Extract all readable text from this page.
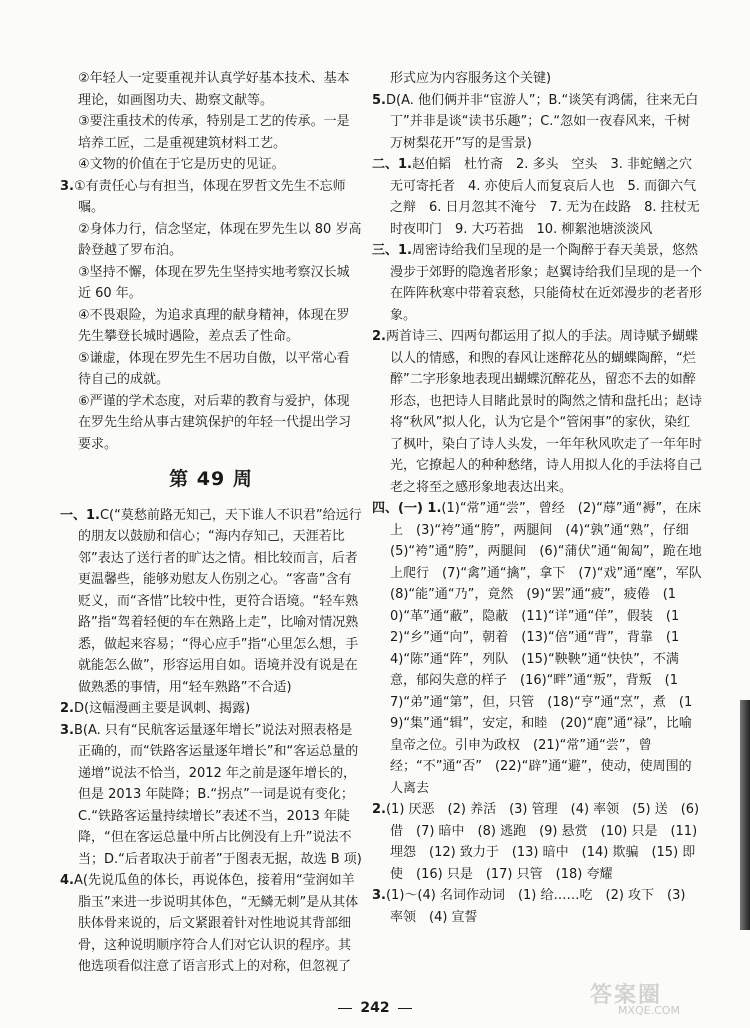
②年轻人一定要重视并认真学好基本技术、基本理论，如画图功夫、勘察文献等。

③要注重技术的传承，特别是工艺的传承。一是培养工匠，二是重视建筑材料工艺。

④文物的价值在于它是历史的见证。

3.①有责任心与有担当，体现在罗哲文先生不忘师嘱。

②身体力行，信念坚定，体现在罗先生以 80 岁高龄登越了罗布泊。

③坚持不懈，体现在罗先生坚持实地考察汉长城近 60 年。

④不畏艰险，为追求真理的献身精神，体现在罗先生攀登长城时遇险，差点丢了性命。

⑤谦虚，体现在罗先生不居功自傲，以平常心看待自己的成就。

⑥严谨的学术态度，对后辈的教育与爱护，体现在罗先生给从事古建筑保护的年轻一代提出学习要求。

第 49 周

一、1.C(“莫愁前路无知己，天下谁人不识君”给远行的朋友以鼓励和信心；“海内存知己，天涯若比邻”表达了送行者的旷达之情。相比较而言，后者更温馨些，能够劝慰友人伤别之心。“客啬”含有贬义，而“吝惜”比较中性，更符合语境。“轻车熟路”指“驾着轻便的车在熟路上走”，比喻对情况熟悉，做起来容易；“得心应手”指“心里怎么想，手就能怎么做”，形容运用自如。语境并没有说是在做熟悉的事情，用“轻车熟路”不合适)

2.D(这幅漫画主要是讽刺、揭露)

3.B(A. 只有“民航客运量逐年增长”说法对照表格是正确的，而“铁路客运量逐年增长”和“客运总量的递增”说法不恰当，2012 年之前是逐年增长的，但是 2013 年陡降；B.“拐点”一词是说有变化；C.“铁路客运量持续增长”表述不当，2013 年陡降，“但在客运总量中所占比例没有上升”说法不当；D.“后者取决于前者”于图表无据，故选 B 项)

4.A(先说瓜鱼的体长，再说体色，接着用“莹润如羊脂玉”来进一步说明其体色，“无鳞无刺”是从其体肤体骨来说的，后文紧跟着针对性地说其背部细骨，这种说明顺序符合人们对它认识的程序。其他选项看似注意了语言形式上的对称，但忽视了

形式应为内容服务这个关键)

5.D(A. 他们俩并非“宦游人”；B.“谈笑有鸿儒，往来无白丁”并非是谈“读书乐趣”；C.“忽如一夜春风来，千树万树梨花开”写的是雪景)

二、1.赵伯韬　杜竹斋　2. 多头　空头　3. 非蛇鳝之穴无可寄托者　4. 亦使后人而复哀后人也　5. 而御六气之辩　6. 日月忽其不淹兮　7. 无为在歧路　8. 拄杖无时夜叩门　9. 大巧若拙　10. 柳絮池塘淡淡风

三、1.周密诗给我们呈现的是一个陶醉于春天美景，悠然漫步于郊野的隐逸者形象；赵翼诗给我们呈现的是一个在阵阵秋寒中带着哀愁，只能倚杖在近郊漫步的老者形象。

2.两首诗三、四两句都运用了拟人的手法。周诗赋予蝴蝶以人的情感，和煦的春风让迷醉花丛的蝴蝶陶醉，“烂醉”二字形象地表现出蝴蝶沉醉花丛，留恋不去的如醉形态，也把诗人目睹此景时的陶然之情和盘托出；赵诗将“秋风”拟人化，认为它是个“管闲事”的家伙，染红了枫叶，染白了诗人头发，一年年秋风吹走了一年年时光，它撩起人的种种愁绪，诗人用拟人化的手法将自己老之将至之感形象地表达出来。

四、(一) 1.(1)“常”通“尝”，曾经　(2)“蓐”通“褥”，在床上　(3)“袴”通“胯”，两腿间　(4)“孰”通“熟”，仔细　(5)“袴”通“胯”，两腿间　(6)“蒲伏”通“匍匐”，跪在地上爬行　(7)“禽”通“擒”，拿下　(7)“戏”通“麾”，军队　(8)“能”通“乃”，竟然　(9)“罢”通“疲”，疲倦　(10)“革”通“蔽”，隐蔽　(11)“详”通“佯”，假装　(12)“乡”通“向”，朝着　(13)“倍”通“背”，背靠　(14)“陈”通“阵”，列队　(15)“鞅鞅”通“快快”，不满意，郁闷失意的样子　(16)“畔”通“叛”，背叛　(17)“弟”通“第”，但，只管　(18)“亨”通“烹”，煮　(19)“集”通“辑”，安定，和睦　(20)“鹿”通“禄”，比喻皇帝之位。引申为政权　(21)“常”通“尝”，曾经；“不”通“否”　(22)“辟”通“避”，使动，使周围的人离去

2.(1) 厌恶　(2) 养活　(3) 管理　(4) 率领　(5) 送　(6) 借　(7) 暗中　(8) 逃跑　(9) 悬赏　(10) 只是　(11) 埋怨　(12) 致力于　(13) 暗中　(14) 欺骗　(15) 即使　(16) 只是　(17) 只管　(18) 夸耀

3.(1)～(4) 名词作动词　(1) 给……吃　(2) 攻下　(3) 率领　(4) 宣誓

242	答案圈
MXQE.COM
